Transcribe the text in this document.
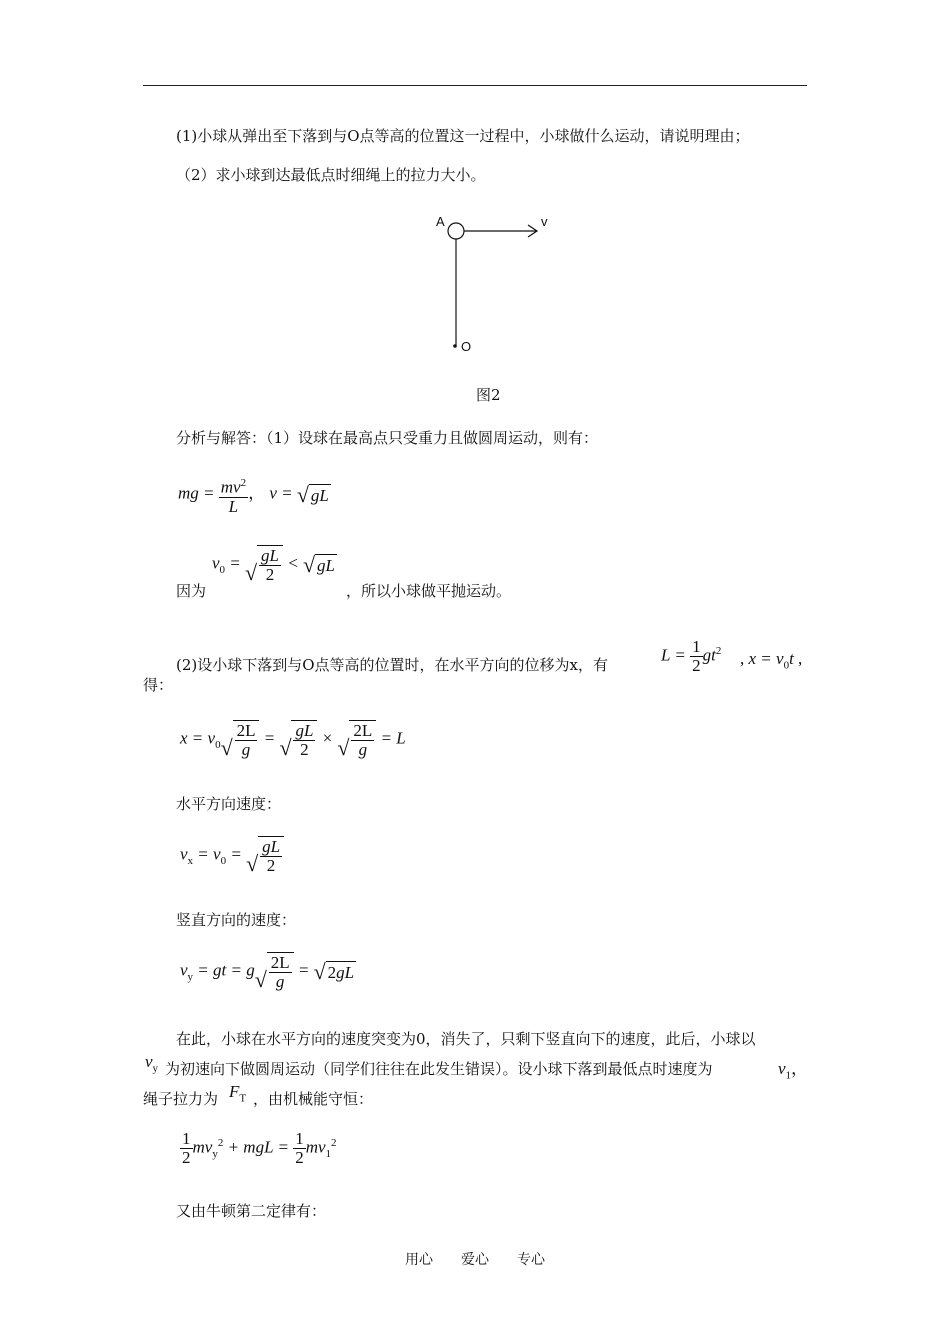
(1)小球从弹出至下落到与O点等高的位置这一过程中，小球做什么运动，请说明理由；
（2）求小球到达最低点时细绳上的拉力大小。
A	v
O
图2
分析与解答：（1）设球在最高点只受重力且做圆周运动，则有：
mg = $\frac{mv^2}{L}$ ， v = √ gL
因为
$v_0$ = √ $\frac{gL}{2}$ < √ gL
，所以小球做平抛运动。
(2)设小球下落到与O点等高的位置时，在水平方向的位移为x，有
$L = \frac{1}{2} gt^2$ , $x = v_0t$ ,
得：
$x = v_0$ √ $\frac{2L}{g}$ = √ $\frac{gL}{2}$ × √ $\frac{2L}{g} = L$
水平方向速度：
$v_x = v_0$ = √ $\frac{gL}{2}$
竖直方向的速度：
$v_y$ = gt = g √ $\frac{2L}{g}$ = √ 2gL
在此，小球在水平方向的速度突变为0，消失了，只剩下竖直向下的速度，此后，小球以
$v_y$ 为初速向下做圆周运动（同学们往往在此发生错误）。设小球下落到最低点时速度为	$v_1$，
绳子拉力为 $F_T$ ，由机械能守恒：
$\frac{1}{2} mv_y^2$ + mgL = $\frac{1}{2} mv_1^2$
又由牛顿第二定律有：
用心　　爱心　　专心
